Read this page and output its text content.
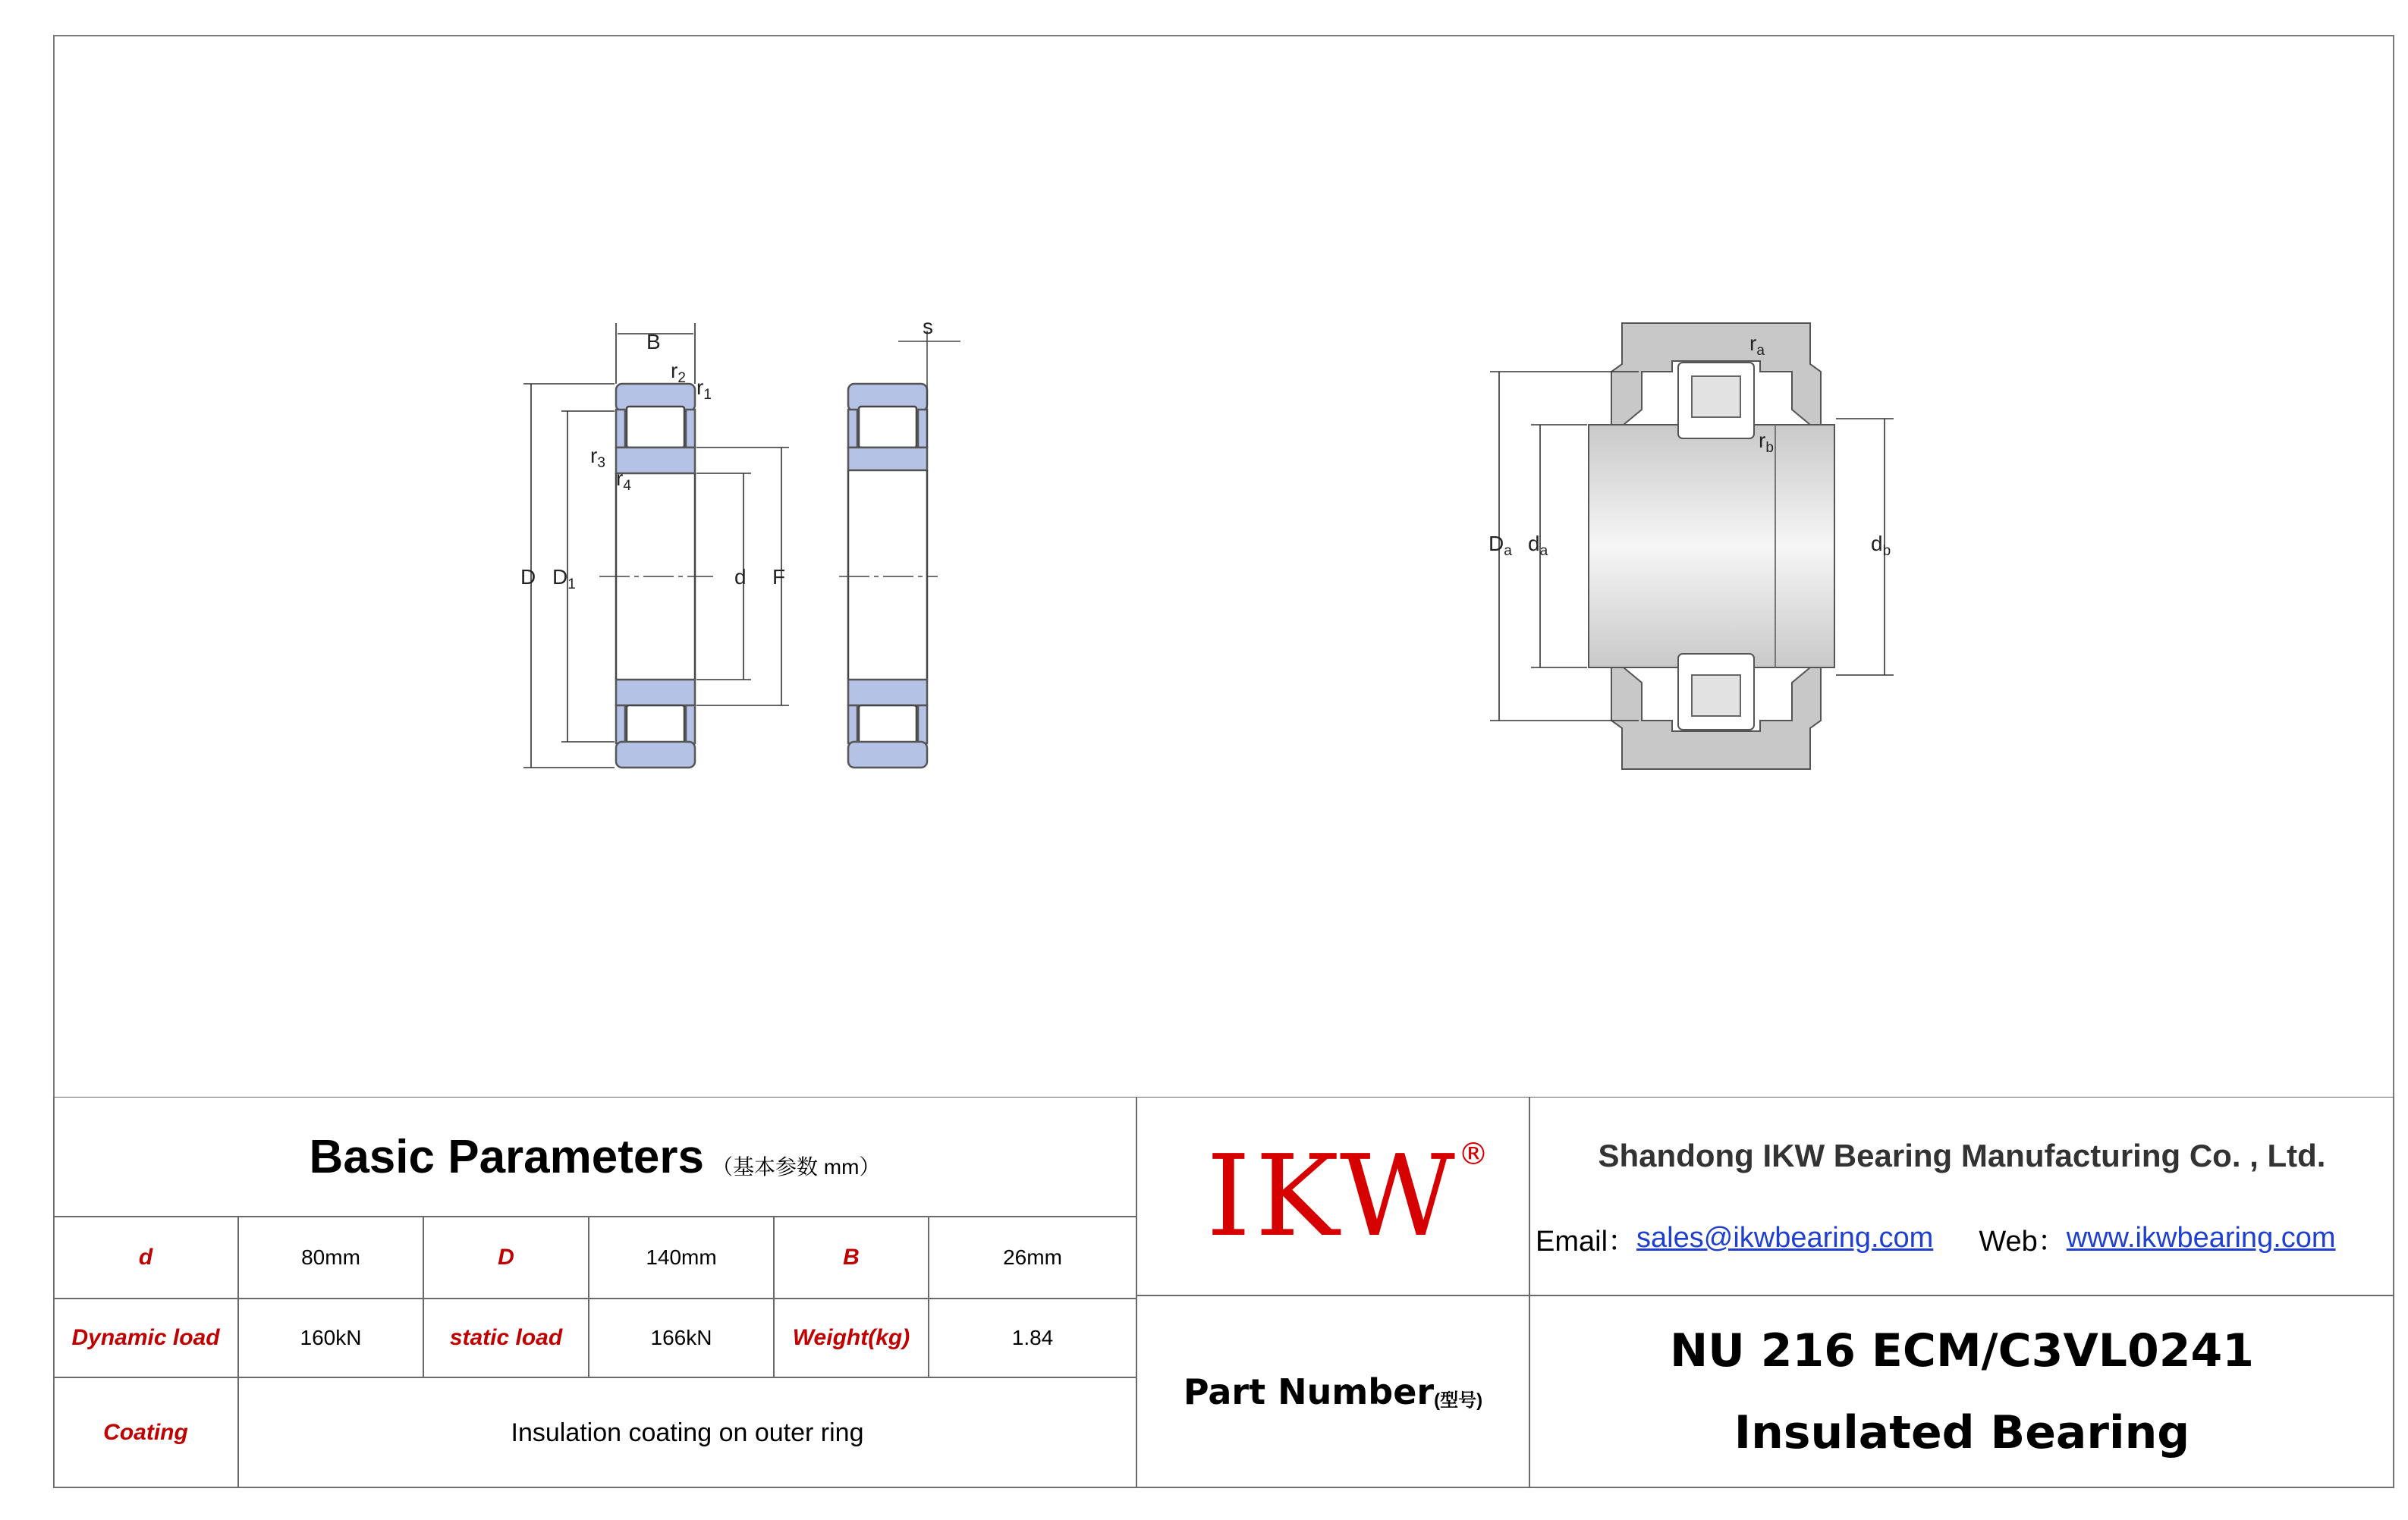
B
$r_2$ $r_1$
$r_3$
$r_4$
D $D_1$	d F
s
$r_a$
$r_b$
$D_a$ $d_a$	$d_b$
Basic Parameters （基本参数 mm）
d	80mm	D	140mm	B	26mm
Dynamic load	160kN	static load	166kN	Weight(kg)	1.84
Coating	Insulation coating on outer ring
IKW
®
Part Number (型号)
Shandong IKW Bearing Manufacturing Co. , Ltd.
Email： sales@ikwbearing.com Web： www.ikwbearing.com
NU 216 ECM/C3VL0241
Insulated Bearing
